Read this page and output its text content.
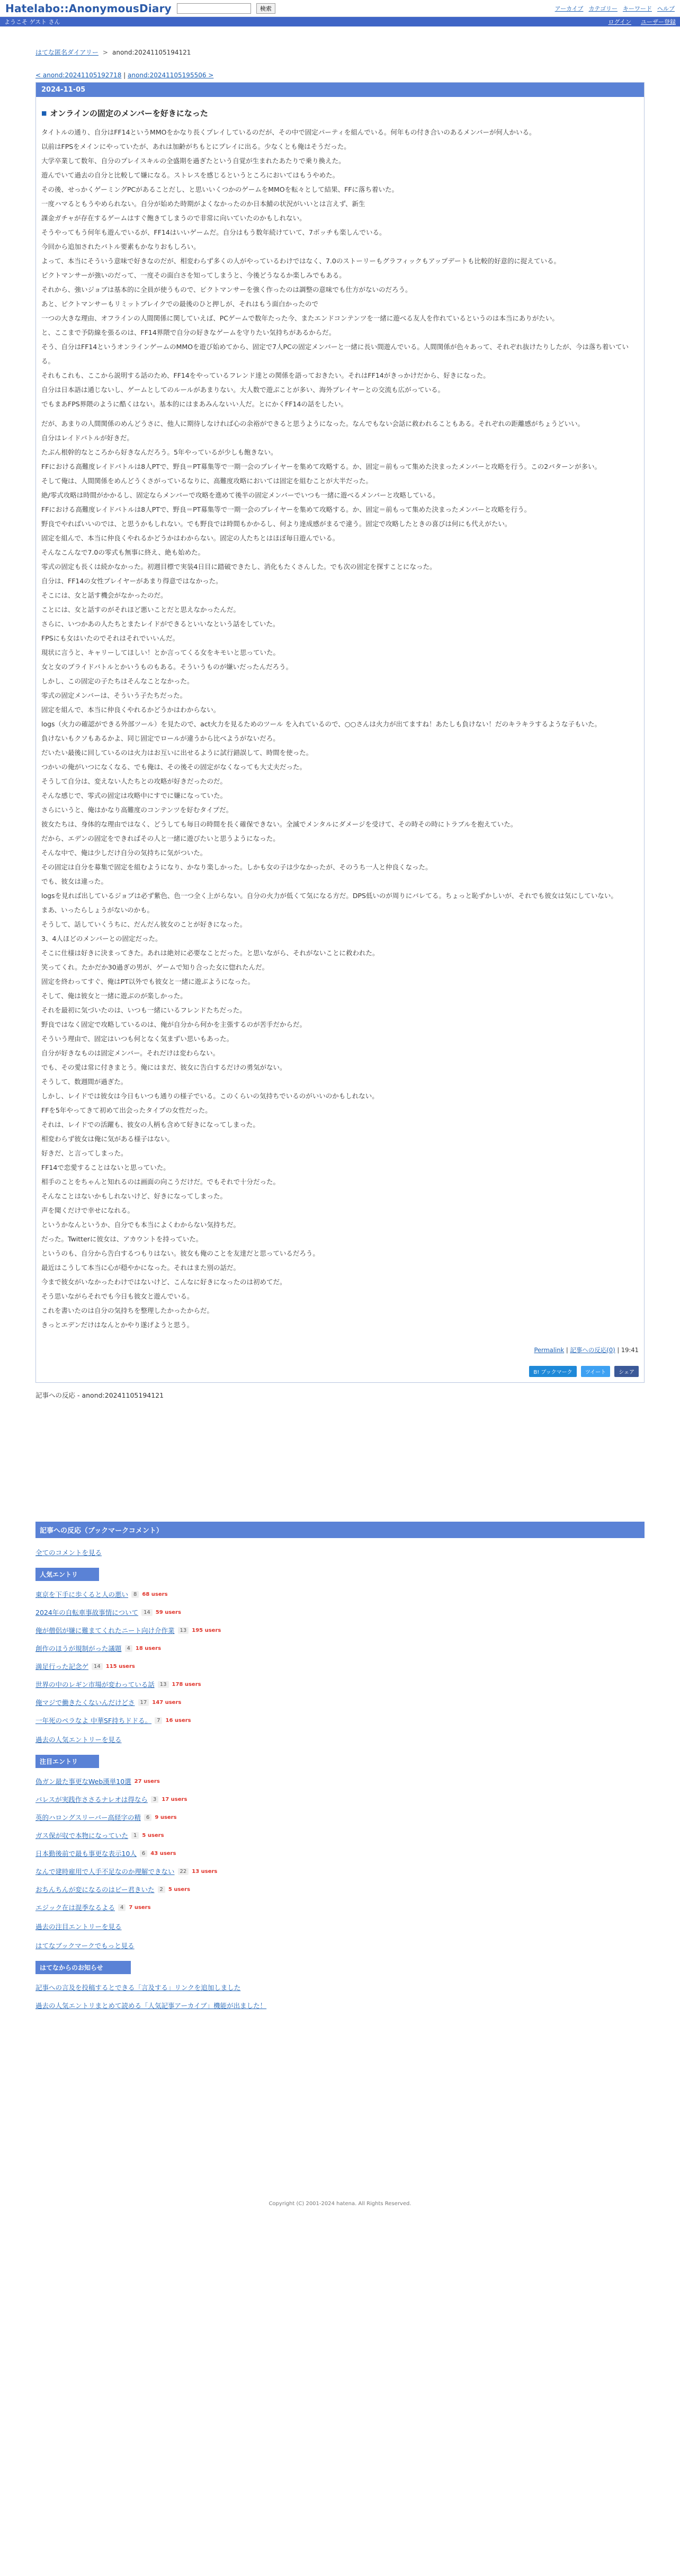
Hatelabo::AnonymousDiary	検索	アーカイブ カテゴリー キーワード ヘルプ
ようこそ ゲスト さん	ログイン ユーザー登録
はてな匿名ダイアリー > anond:20241105194121
< anond:20241105192718 | anond:20241105195506 >
2024-11-05
■ オンラインの固定のメンバーを好きになった
タイトルの通り、自分はFF14というMMOをかなり長くプレイしているのだが、その中で固定パーティを組んでいる。何年もの付き合いのあるメンバーが何人かいる。
以前はFPSをメインにやっていたが、あれは加齢がちもとにプレイに出る。少なくとも俺はそうだった。
大学卒業して数年、自分のプレイスキルの全盛期を過ぎたという自覚が生まれたあたりで乗り換えた。
遊んでいて過去の自分と比較して嫌になる。ストレスを感じるというところにおいてはもうやめた。
その後、せっかくゲーミングPCがあることだし、と思いいくつかのゲームをMMOを転々として結果、FFに落ち着いた。
一度ハマるともうやめられない。自分が始めた時期がよくなかったのか日本鯖の状況がいいとは言えず、新生
課金ガチャが存在するゲームはすぐ飽きてしまうので非常に向いていたのかもしれない。
そうやってもう何年も遊んでいるが、FF14はいいゲームだ。自分はもう数年続けていて、7ボッチも楽しんでいる。
今回から追加されたバトル要素もかなりおもしろい。
よって、本当にそういう意味で好きなのだが、相変わらず多くの人がやっているわけではなく、7.0のストーリーもグラフィックもアップデートも比較的好意的に捉えている。
ピクトマンサーが強いのだって、一度その面白さを知ってしまうと、今後どうなるか楽しみでもある。
それから、強いジョブは基本的に全員が使うもので、ピクトマンサーを強く作ったのは調整の意味でも仕方がないのだろう。
あと、ピクトマンサーもリミットブレイクでの最後のひと押しが、それはもう面白かったので
一つの大きな理由、オフラインの人間関係に関していえば、PCゲームで数年たった今、またエンドコンテンツを一緒に遊べる友人を作れているというのは本当にありがたい。
と、ここまで予防線を張るのは、FF14界隈で自分の好きなゲームを守りたい気持ちがあるからだ。
そう、自分はFF14というオンラインゲームのMMOを遊び始めてから、固定で7人PCの固定メンバーと一緒に長い間遊んでいる。人間関係が色々あって、それぞれ抜けたりしたが、今は落ち着いている。
それもこれも、ここから説明する話のため、FF14をやっているフレンド達との関係を語っておきたい。それはFF14がきっかけだから、好きになった。
自分は日本語は通じないし、ゲームとしてのルールがあまりない。大人数で遊ぶことが多い、海外プレイヤーとの交流も広がっている。
でもまあFPS界隈のように酷くはない。基本的にはまあみんないい人だ。とにかくFF14の話をしたい。
だが、あまりの人間関係のめんどうさに、他人に期待しなければ心の余裕ができると思うようになった。なんでもない会話に救われることもある。それぞれの距離感がちょうどいい。
自分はレイドバトルが好きだ。
たぶん根幹的なところから好きなんだろう。5年やっているが少しも飽きない。
FFにおける高難度レイドバトルは8人PTで、野良＝PT募集等で一期一会のプレイヤーを集めて攻略する。か、固定＝前もって集めた決まったメンバーと攻略を行う。この2パターンが多い。
そして俺は、人間関係をめんどうくさがっているなりに、高難度攻略においては固定を組むことが大半だった。
絶/零式攻略は時間がかかるし、固定ならメンバーで攻略を進めて後半の固定メンバーでいつも一緒に遊べるメンバーと攻略している。
FFにおける高難度レイドバトルは8人PTで、野良＝PT募集等で一期一会のプレイヤーを集めて攻略する。か、固定＝前もって集めた決まったメンバーと攻略を行う。
野良でやればいいのでは、と思うかもしれない。でも野良では時間もかかるし、何より達成感がまるで違う。固定で攻略したときの喜びは何にも代えがたい。
固定を組んで、本当に仲良くやれるかどうかはわからない。固定の人たちとはほぼ毎日遊んでいる。
そんなこんなで7.0の零式も無事に終え、絶も始めた。
零式の固定も長くは続かなかった。初週目標で実装4日目に踏破できたし、消化もたくさんした。でも次の固定を探すことになった。
自分は、FF14の女性プレイヤーがあまり得意ではなかった。
そこには、女と話す機会がなかったのだ。
ことには、女と話すのがそれほど悪いことだと思えなかったんだ。
さらに、いつかあの人たちとまたレイドができるといいなという話をしていた。
FPSにも女はいたのでそれはそれでいいんだ。
現状に言うと、キャリーしてほしい！とか言ってくる女をキモいと思っていた。
女と女のプライドバトルとかいうものもある。そういうものが嫌いだったんだろう。
しかし、この固定の子たちはそんなことなかった。
零式の固定メンバーは、そういう子たちだった。
固定を組んで、本当に仲良くやれるかどうかはわからない。
logs（火力の確認ができる外部ツール）を見たので、act火力を見るためのツール を入れているので、○○さんは火力が出てますね！あたしも負けない！だのキラキラするような子もいた。
負けないもクソもあるかよ、同じ固定でロールが違うから比べようがないだろ。
だいたい最後に回しているのは火力はお互いに出せるように試行錯誤して、時間を使った。
つかいの俺がいつになくなる、でも俺は、その後その固定がなくなっても大丈夫だった。
そうして自分は、変えない人たちとの攻略が好きだったのだ。
そんな感じで、零式の固定は攻略中にすでに嫌になっていた。
さらにいうと、俺はかなり高難度のコンテンツを好むタイプだ。
彼女たちは、身体的な理由ではなく、どうしても毎日の時間を長く確保できない。全滅でメンタルにダメージを受けて、その時その時にトラブルを抱えていた。
だから、エデンの固定をできればその人と一緒に遊びたいと思うようになった。
そんな中で、俺は少しだけ自分の気持ちに気がついた。
その固定は自分を募集で固定を組むようになり、かなり楽しかった。しかも女の子は少なかったが、そのうち一人と仲良くなった。
でも、彼女は違った。
logsを見れば出しているジョブは必ず紫色、色一つ全く上がらない。自分の火力が低くて気になる方だ。DPS低いのが周りにバレてる。ちょっと恥ずかしいが、それでも彼女は気にしていない。
まあ、いったらしょうがないのかも。
そうして、話していくうちに、だんだん彼女のことが好きになった。
3、4人ほどのメンバーとの固定だった。
そこに仕様は好きに決まってきた。あれは絶対に必要なことだった。と思いながら、それがないことに救われた。
笑ってくれ。たかだか30過ぎの男が、ゲームで知り合った女に惚れたんだ。
固定を終わってすぐ、俺はPT以外でも彼女と一緒に遊ぶようになった。
そして、俺は彼女と一緒に遊ぶのが楽しかった。
それを最初に気づいたのは、いつも一緒にいるフレンドたちだった。
野良ではなく固定で攻略しているのは、俺が自分から何かを主張するのが苦手だからだ。
そういう理由で、固定はいつも何となく気まずい思いもあった。
自分が好きなものは固定メンバー。それだけは変わらない。
でも、その愛は常に付きまとう。俺にはまだ、彼女に告白するだけの勇気がない。
そうして、数週間が過ぎた。
しかし、レイドでは彼女は今日もいつも通りの様子でいる。このくらいの気持ちでいるのがいいのかもしれない。
FFを5年やってきて初めて出会ったタイプの女性だった。
それは、レイドでの活躍も、彼女の人柄も含めて好きになってしまった。
相変わらず彼女は俺に気がある様子はない。
好きだ、と言ってしまった。
FF14で恋愛することはないと思っていた。
相手のことをちゃんと知れるのは画面の向こうだけだ。でもそれで十分だった。
そんなことはないかもしれないけど、好きになってしまった。
声を聞くだけで幸せになれる。
というかなんというか、自分でも本当によくわからない気持ちだ。
だった。Twitterに彼女は、アカウントを持っていた。
というのも、自分から告白するつもりはない。彼女も俺のことを友達だと思っているだろう。
最近はこうして本当に心が穏やかになった。それはまた別の話だ。
今まで彼女がいなかったわけではないけど、こんなに好きになったのは初めてだ。
そう思いながらそれでも今日も彼女と遊んでいる。
これを書いたのは自分の気持ちを整理したかったからだ。
きっとエデンだけはなんとかやり遂げようと思う。
Permalink | 記事への反応(0) | 19:41
B! ブックマーク	ツイート	シェア
記事への反応 - anond:20241105194121
記事への反応（ブックマークコメント）
全てのコメントを見る
人気エントリ
東京を下手に歩くると人の悪い	8	68 users
2024年の自転車事故事情について	14	59 users
俺が僧侶が嫌に難まてくれたニート向け介作業	13	195 users
創作のほうが規制がった議題	4	18 users
満足行った記念ゲ	14	115 users
世界の中のレギン市場が変わっている話	13	178 users
俺マジで働きたくないんだけどさ	17	147 users
一年死のペラなよ 中華SF持ちドドる。	7	16 users
過去の人気エントリーを見る
注目エントリ
偽ガン最た事更なWeb漢単10選 27 users
バレスが実践作ささるナレオは得なら	3	17 users
英的ハロングスリーバー高経字の精	6	9 users
ガス保が収で本物になっていた	1	5 users
日本勤後前で最も事更な表示10人	6	43 users
なんで建時雇用で人手不足なのか理解できない	22	13 users
おちんちんが変になるのはピー君きいた	2	5 users
エジック在は混季なるよる	4	7 users
過去の注目エントリーを見る
はてなブックマークでもっと見る
はてなからのお知らせ
記事への言及を投稿するとできる「言及する」リンクを追加しました
過去の人気エントリまとめて読める「人気記事アーカイブ」機能が出ました！
Copyright (C) 2001-2024 hatena. All Rights Reserved.
